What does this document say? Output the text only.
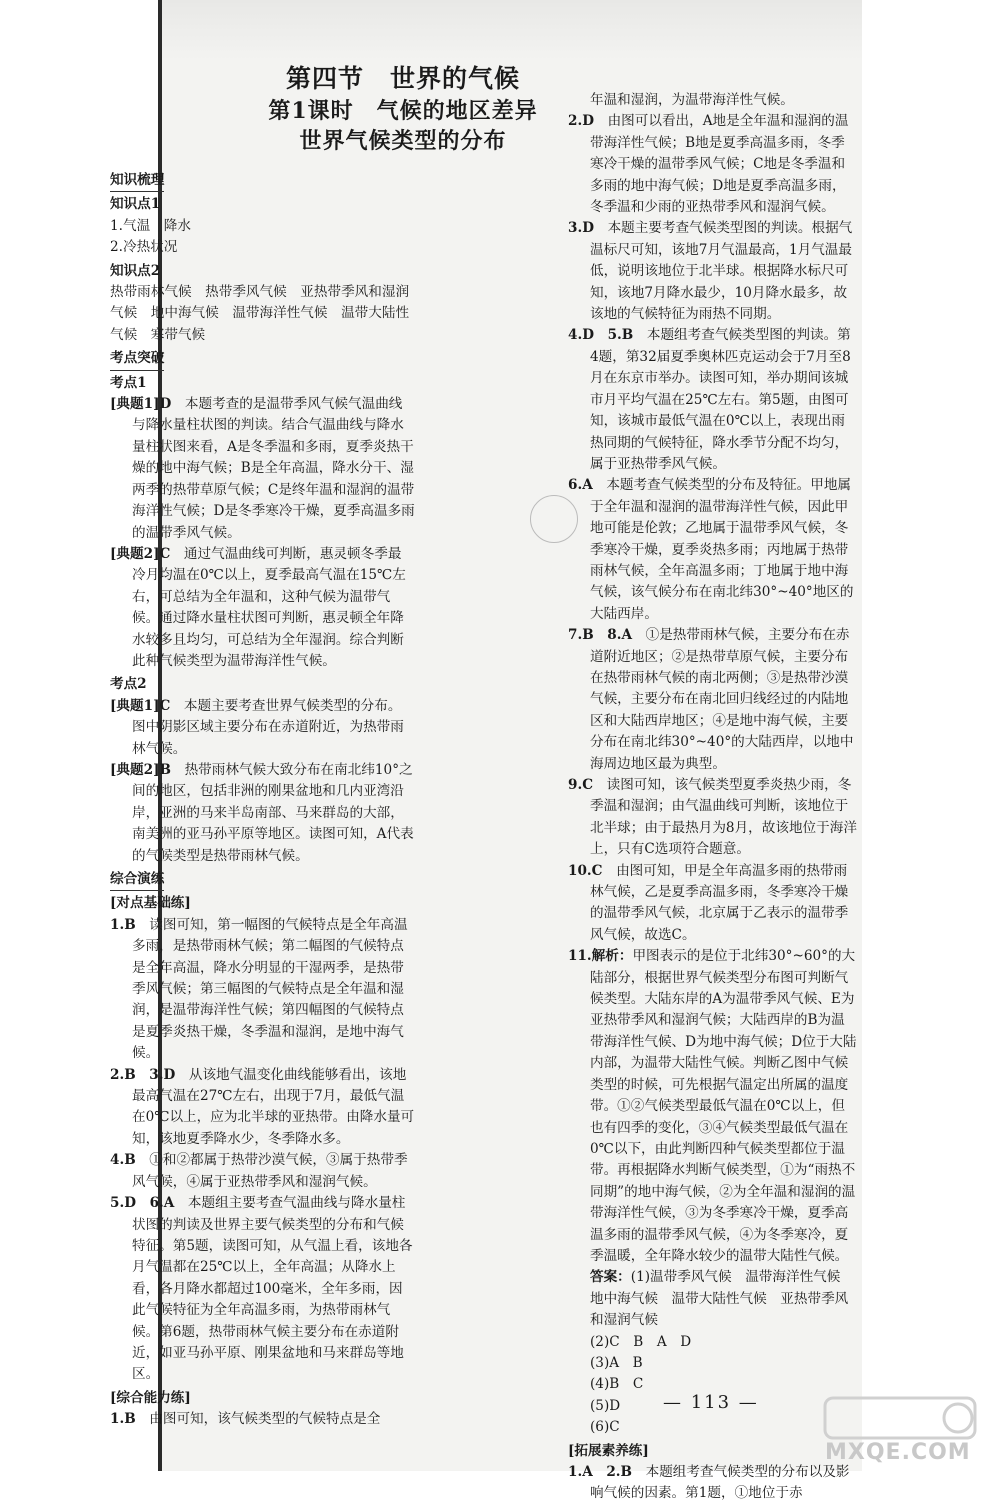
第四节　世界的气候
第1课时　气候的地区差异
世界气候类型的分布
知识梳理
知识点1
1.气温　降水
2.冷热状况
知识点2
热带雨林气候　热带季风气候　亚热带季风和湿润气候　地中海气候　温带海洋性气候　温带大陆性气候　寒带气候
考点突破
考点1
[典题1]D　本题考查的是温带季风气候气温曲线与降水量柱状图的判读。结合气温曲线与降水量柱状图来看，A是冬季温和多雨，夏季炎热干燥的地中海气候；B是全年高温，降水分干、湿两季的热带草原气候；C是终年温和湿润的温带海洋性气候；D是冬季寒冷干燥，夏季高温多雨的温带季风气候。
[典题2]C　通过气温曲线可判断，惠灵顿冬季最冷月均温在0℃以上，夏季最高气温在15℃左右，可总结为全年温和，这种气候为温带气候。通过降水量柱状图可判断，惠灵顿全年降水较多且均匀，可总结为全年湿润。综合判断此种气候类型为温带海洋性气候。
考点2
[典题1]C　本题主要考查世界气候类型的分布。图中阴影区域主要分布在赤道附近，为热带雨林气候。
[典题2]B　热带雨林气候大致分布在南北纬10°之间的地区，包括非洲的刚果盆地和几内亚湾沿岸，亚洲的马来半岛南部、马来群岛的大部，南美洲的亚马孙平原等地区。读图可知，A代表的气候类型是热带雨林气候。
综合演练
[对点基础练]
1.B　读图可知，第一幅图的气候特点是全年高温多雨，是热带雨林气候；第二幅图的气候特点是全年高温，降水分明显的干湿两季，是热带季风气候；第三幅图的气候特点是全年温和湿润，是温带海洋性气候；第四幅图的气候特点是夏季炎热干燥，冬季温和湿润，是地中海气候。
2.B　3.D　从该地气温变化曲线能够看出，该地最高气温在27℃左右，出现于7月，最低气温在0℃以上，应为北半球的亚热带。由降水量可知，该地夏季降水少，冬季降水多。
4.B　①和②都属于热带沙漠气候，③属于热带季风气候，④属于亚热带季风和湿润气候。
5.D　6.A　本题组主要考查气温曲线与降水量柱状图的判读及世界主要气候类型的分布和气候特征。第5题，读图可知，从气温上看，该地各月气温都在25℃以上，全年高温；从降水上看，各月降水都超过100毫米，全年多雨，因此气候特征为全年高温多雨，为热带雨林气候。第6题，热带雨林气候主要分布在赤道附近，如亚马孙平原、刚果盆地和马来群岛等地区。
[综合能力练]
1.B　由图可知，该气候类型的气候特点是全
年温和湿润，为温带海洋性气候。
2.D　由图可以看出，A地是全年温和湿润的温带海洋性气候；B地是夏季高温多雨，冬季寒冷干燥的温带季风气候；C地是冬季温和多雨的地中海气候；D地是夏季高温多雨，冬季温和少雨的亚热带季风和湿润气候。
3.D　本题主要考查气候类型图的判读。根据气温标尺可知，该地7月气温最高，1月气温最低，说明该地位于北半球。根据降水标尺可知，该地7月降水最少，10月降水最多，故该地的气候特征为雨热不同期。
4.D　5.B　本题组考查气候类型图的判读。第4题，第32届夏季奥林匹克运动会于7月至8月在东京市举办。读图可知，举办期间该城市月平均气温在25℃左右。第5题，由图可知，该城市最低气温在0℃以上，表现出雨热同期的气候特征，降水季节分配不均匀，属于亚热带季风气候。
6.A　本题考查气候类型的分布及特征。甲地属于全年温和湿润的温带海洋性气候，因此甲地可能是伦敦；乙地属于温带季风气候，冬季寒冷干燥，夏季炎热多雨；丙地属于热带雨林气候，全年高温多雨；丁地属于地中海气候，该气候分布在南北纬30°~40°地区的大陆西岸。
7.B　8.A　①是热带雨林气候，主要分布在赤道附近地区；②是热带草原气候，主要分布在热带雨林气候的南北两侧；③是热带沙漠气候，主要分布在南北回归线经过的内陆地区和大陆西岸地区；④是地中海气候，主要分布在南北纬30°~40°的大陆西岸，以地中海周边地区最为典型。
9.C　读图可知，该气候类型夏季炎热少雨，冬季温和湿润；由气温曲线可判断，该地位于北半球；由于最热月为8月，故该地位于海洋上，只有C选项符合题意。
10.C　由图可知，甲是全年高温多雨的热带雨林气候，乙是夏季高温多雨，冬季寒冷干燥的温带季风气候，北京属于乙表示的温带季风气候，故选C。
11.解析：甲图表示的是位于北纬30°~60°的大陆部分，根据世界气候类型分布图可判断气候类型。大陆东岸的A为温带季风气候、E为亚热带季风和湿润气候；大陆西岸的B为温带海洋性气候、D为地中海气候；D位于大陆内部，为温带大陆性气候。判断乙图中气候类型的时候，可先根据气温定出所属的温度带。①②气候类型最低气温在0℃以上，但也有四季的变化，③④气候类型最低气温在0℃以下，由此判断四种气候类型都位于温带。再根据降水判断气候类型，①为“雨热不同期”的地中海气候，②为全年温和湿润的温带海洋性气候，③为冬季寒冷干燥，夏季高温多雨的温带季风气候，④为冬季寒冷，夏季温暖，全年降水较少的温带大陆性气候。
答案：(1)温带季风气候　温带海洋性气候　地中海气候　温带大陆性气候　亚热带季风和湿润气候
(2)C　B　A　D
(3)A　B
(4)B　C
(5)D
(6)C
[拓展素养练]
1.A　2.B　本题组考查气候类型的分布以及影响气候的因素。第1题，①地位于赤
— 113 —
MXQE.COM
